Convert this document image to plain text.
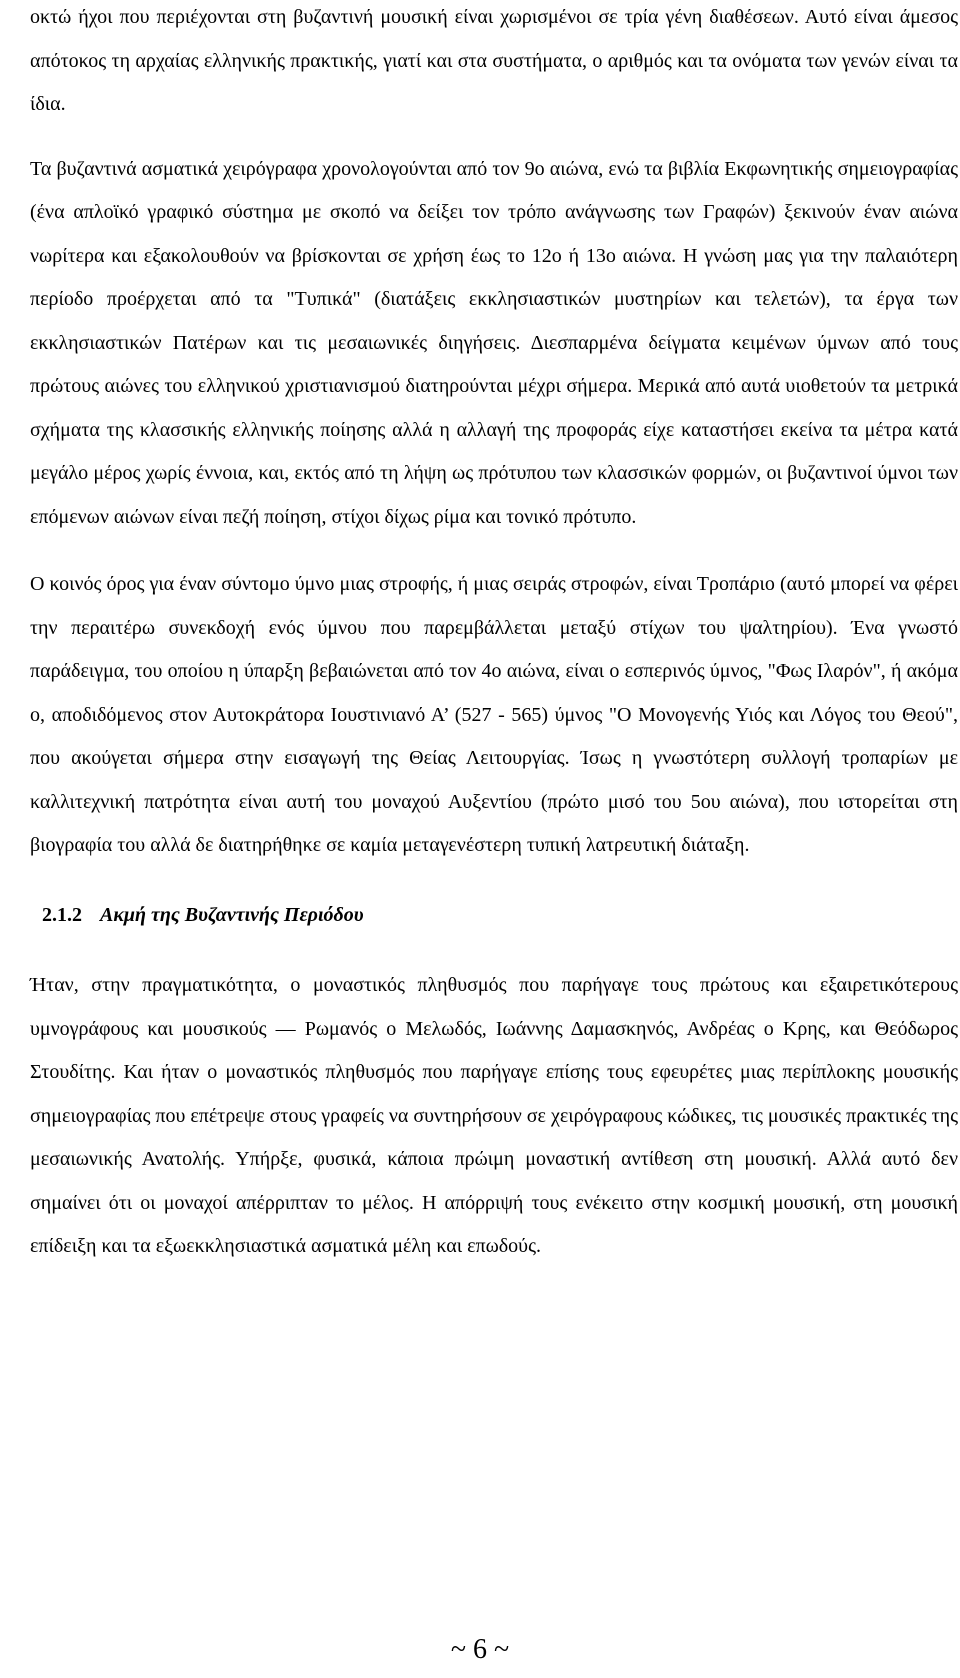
οκτώ ήχοι που περιέχονται στη βυζαντινή μουσική είναι χωρισμένοι σε τρία γένη διαθέσεων. Αυτό είναι άμεσος απότοκος τη αρχαίας ελληνικής πρακτικής, γιατί και στα συστήματα, ο αριθμός και τα ονόματα των γενών είναι τα ίδια.

Τα βυζαντινά ασματικά χειρόγραφα χρονολογούνται από τον 9ο αιώνα, ενώ τα βιβλία Εκφωνητικής σημειογραφίας (ένα απλοϊκό γραφικό σύστημα με σκοπό να δείξει τον τρόπο ανάγνωσης των Γραφών) ξεκινούν έναν αιώνα νωρίτερα και εξακολουθούν να βρίσκονται σε χρήση έως το 12ο ή 13ο αιώνα. Η γνώση μας για την παλαιότερη περίοδο προέρχεται από τα "Τυπικά" (διατάξεις εκκλησιαστικών μυστηρίων και τελετών), τα έργα των εκκλησιαστικών Πατέρων και τις μεσαιωνικές διηγήσεις. Διεσπαρμένα δείγματα κειμένων ύμνων από τους πρώτους αιώνες του ελληνικού χριστιανισμού διατηρούνται μέχρι σήμερα. Μερικά από αυτά υιοθετούν τα μετρικά σχήματα της κλασσικής ελληνικής ποίησης αλλά η αλλαγή της προφοράς είχε καταστήσει εκείνα τα μέτρα κατά μεγάλο μέρος χωρίς έννοια, και, εκτός από τη λήψη ως πρότυπου των κλασσικών φορμών, οι βυζαντινοί ύμνοι των επόμενων αιώνων είναι πεζή ποίηση, στίχοι δίχως ρίμα και τονικό πρότυπο.

Ο κοινός όρος για έναν σύντομο ύμνο μιας στροφής, ή μιας σειράς στροφών, είναι Τροπάριο (αυτό μπορεί να φέρει την περαιτέρω συνεκδοχή ενός ύμνου που παρεμβάλλεται μεταξύ στίχων του ψαλτηρίου). Ένα γνωστό παράδειγμα, του οποίου η ύπαρξη βεβαιώνεται από τον 4ο αιώνα, είναι ο εσπερινός ύμνος, "Φως Ιλαρόν", ή ακόμα ο, αποδιδόμενος στον Αυτοκράτορα Ιουστινιανό Α’ (527 - 565) ύμνος "Ο Μονογενής Υιός και Λόγος του Θεού", που ακούγεται σήμερα στην εισαγωγή της Θείας Λειτουργίας. Ίσως η γνωστότερη συλλογή τροπαρίων με καλλιτεχνική πατρότητα είναι αυτή του μοναχού Αυξεντίου (πρώτο μισό του 5ου αιώνα), που ιστορείται στη βιογραφία του αλλά δε διατηρήθηκε σε καμία μεταγενέστερη τυπική λατρευτική διάταξη.

2.1.2 Ακμή της Βυζαντινής Περιόδου

Ήταν, στην πραγματικότητα, ο μοναστικός πληθυσμός που παρήγαγε τους πρώτους και εξαιρετικότερους υμνογράφους και μουσικούς — Ρωμανός ο Μελωδός, Ιωάννης Δαμασκηνός, Ανδρέας ο Κρης, και Θεόδωρος Στουδίτης. Και ήταν ο μοναστικός πληθυσμός που παρήγαγε επίσης τους εφευρέτες μιας περίπλοκης μουσικής σημειογραφίας που επέτρεψε στους γραφείς να συντηρήσουν σε χειρόγραφους κώδικες, τις μουσικές πρακτικές της μεσαιωνικής Ανατολής. Υπήρξε, φυσικά, κάποια πρώιμη μοναστική αντίθεση στη μουσική. Αλλά αυτό δεν σημαίνει ότι οι μοναχοί απέρριπταν το μέλος. Η απόρριψή τους ενέκειτο στην κοσμική μουσική, στη μουσική επίδειξη και τα εξωεκκλησιαστικά ασματικά μέλη και επωδούς.

~ 6 ~
